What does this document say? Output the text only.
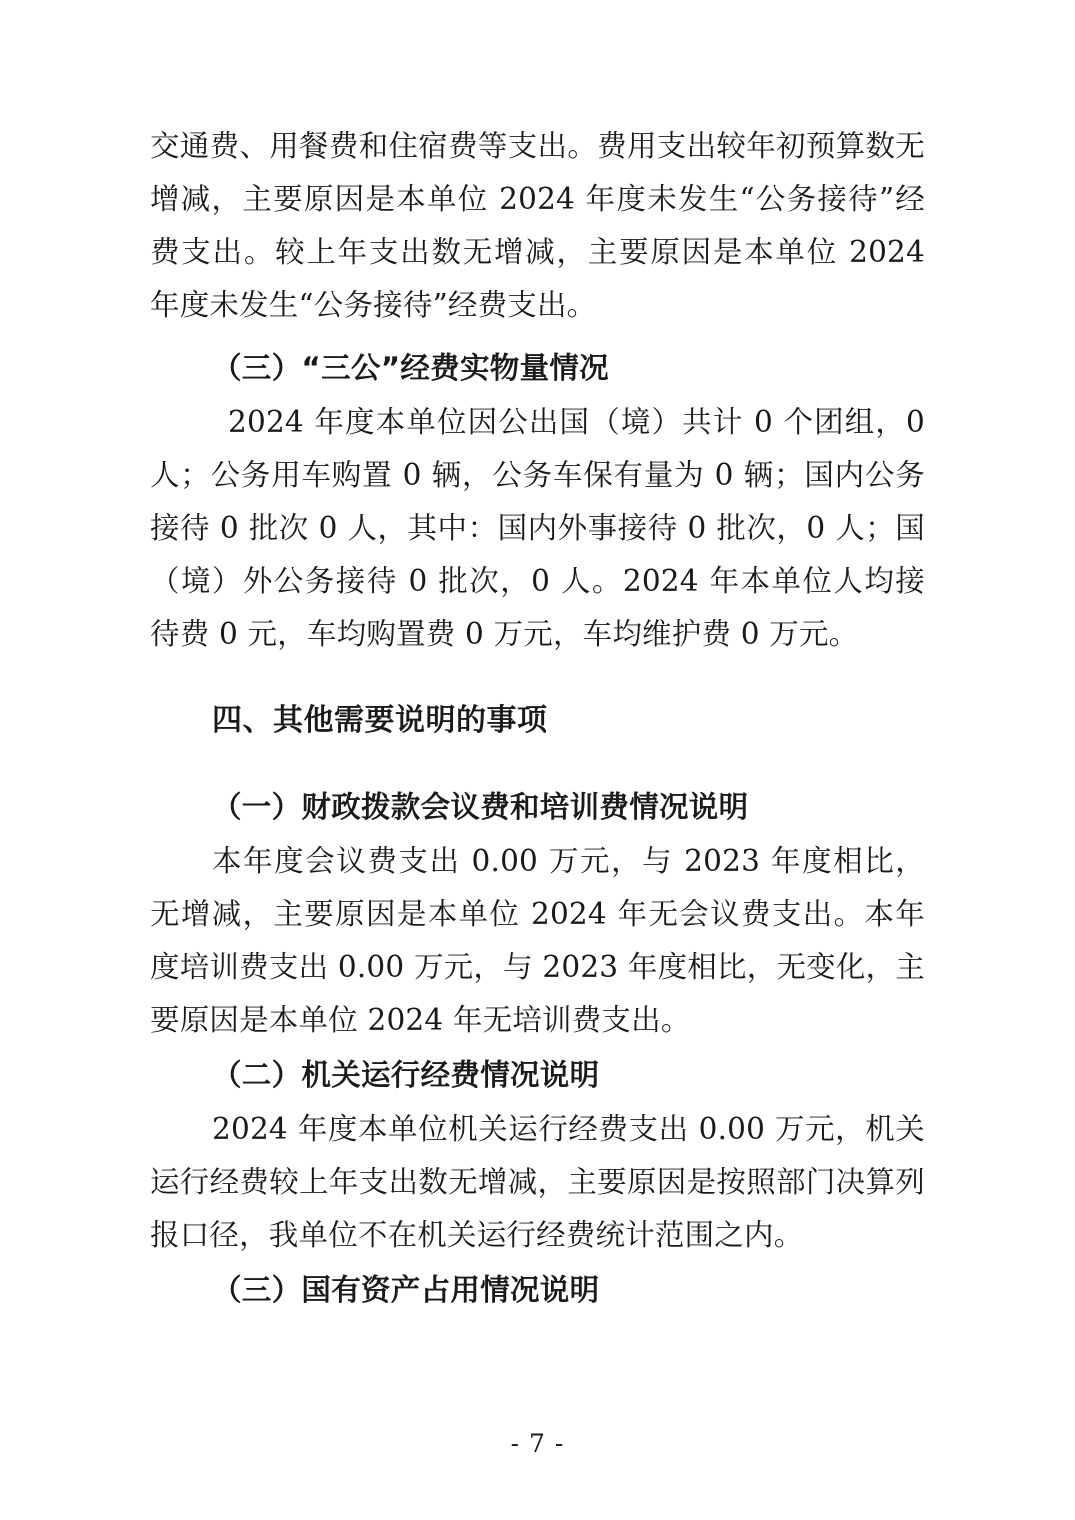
交通费、用餐费和住宿费等支出。费用支出较年初预算数无增减，主要原因是本单位 2024 年度未发生“公务接待”经费支出。较上年支出数无增减，主要原因是本单位 2024 年度未发生“公务接待”经费支出。

（三）“三公”经费实物量情况

2024 年度本单位因公出国（境）共计 0 个团组，0 人；公务用车购置 0 辆，公务车保有量为 0 辆；国内公务接待 0 批次 0 人，其中：国内外事接待 0 批次，0 人；国（境）外公务接待 0 批次，0 人。2024 年本单位人均接待费 0 元，车均购置费 0 万元，车均维护费 0 万元。

四、其他需要说明的事项
（一）财政拨款会议费和培训费情况说明

本年度会议费支出 0.00 万元，与 2023 年度相比，无增减，主要原因是本单位 2024 年无会议费支出。本年度培训费支出 0.00 万元，与 2023 年度相比，无变化，主要原因是本单位 2024 年无培训费支出。

（二）机关运行经费情况说明

2024 年度本单位机关运行经费支出 0.00 万元，机关运行经费较上年支出数无增减，主要原因是按照部门决算列报口径，我单位不在机关运行经费统计范围之内。

（三）国有资产占用情况说明
- 7 -
